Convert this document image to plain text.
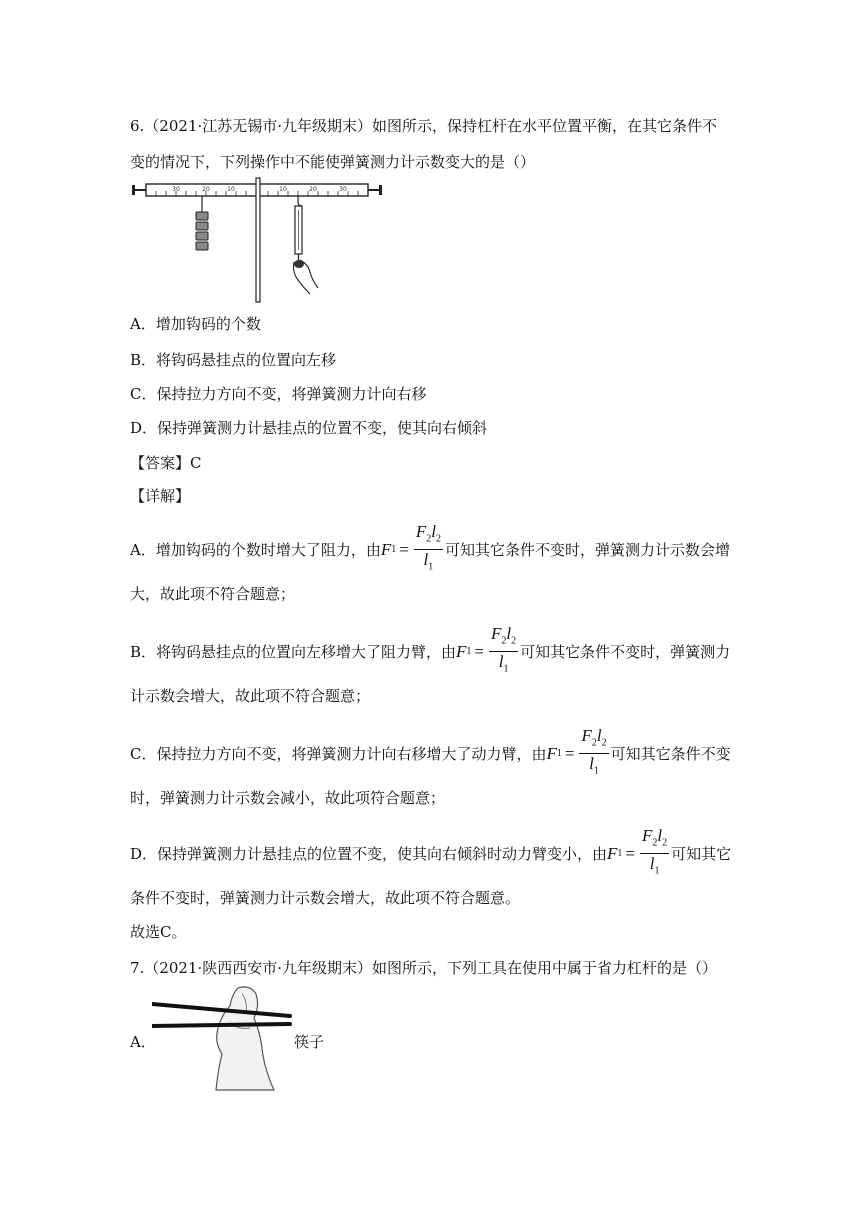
6.（2021·江苏无锡市·九年级期末）如图所示，保持杠杆在水平位置平衡，在其它条件不
变的情况下，下列操作中不能使弹簧测力计示数变大的是（）
30	20	10	10	20	30
A．增加钩码的个数
B．将钩码悬挂点的位置向左移
C．保持拉力方向不变，将弹簧测力计向右移
D．保持弹簧测力计悬挂点的位置不变，使其向右倾斜
【答案】C
【详解】
A．增加钩码的个数时增大了阻力，由 F $1 = \frac{F_2l_2}{l_1}$ 可知其它条件不变时，弹簧测力计示数会增
大，故此项不符合题意；
B．将钩码悬挂点的位置向左移增大了阻力臂，由 F $1 = \frac{F_2l_2}{l_1}$ 可知其它条件不变时，弹簧测力
计示数会增大，故此项不符合题意；
C．保持拉力方向不变，将弹簧测力计向右移增大了动力臂，由 F $1 = \frac{F_2l_2}{l_1}$ 可知其它条件不变
时，弹簧测力计示数会减小，故此项符合题意；
D．保持弹簧测力计悬挂点的位置不变，使其向右倾斜时动力臂变小，由 F $1 = \frac{F_2l_2}{l_1}$ 可知其它
条件不变时，弹簧测力计示数会增大，故此项不符合题意。
故选C。
7.（2021·陕西西安市·九年级期末）如图所示，下列工具在使用中属于省力杠杆的是（）
A．	筷子
